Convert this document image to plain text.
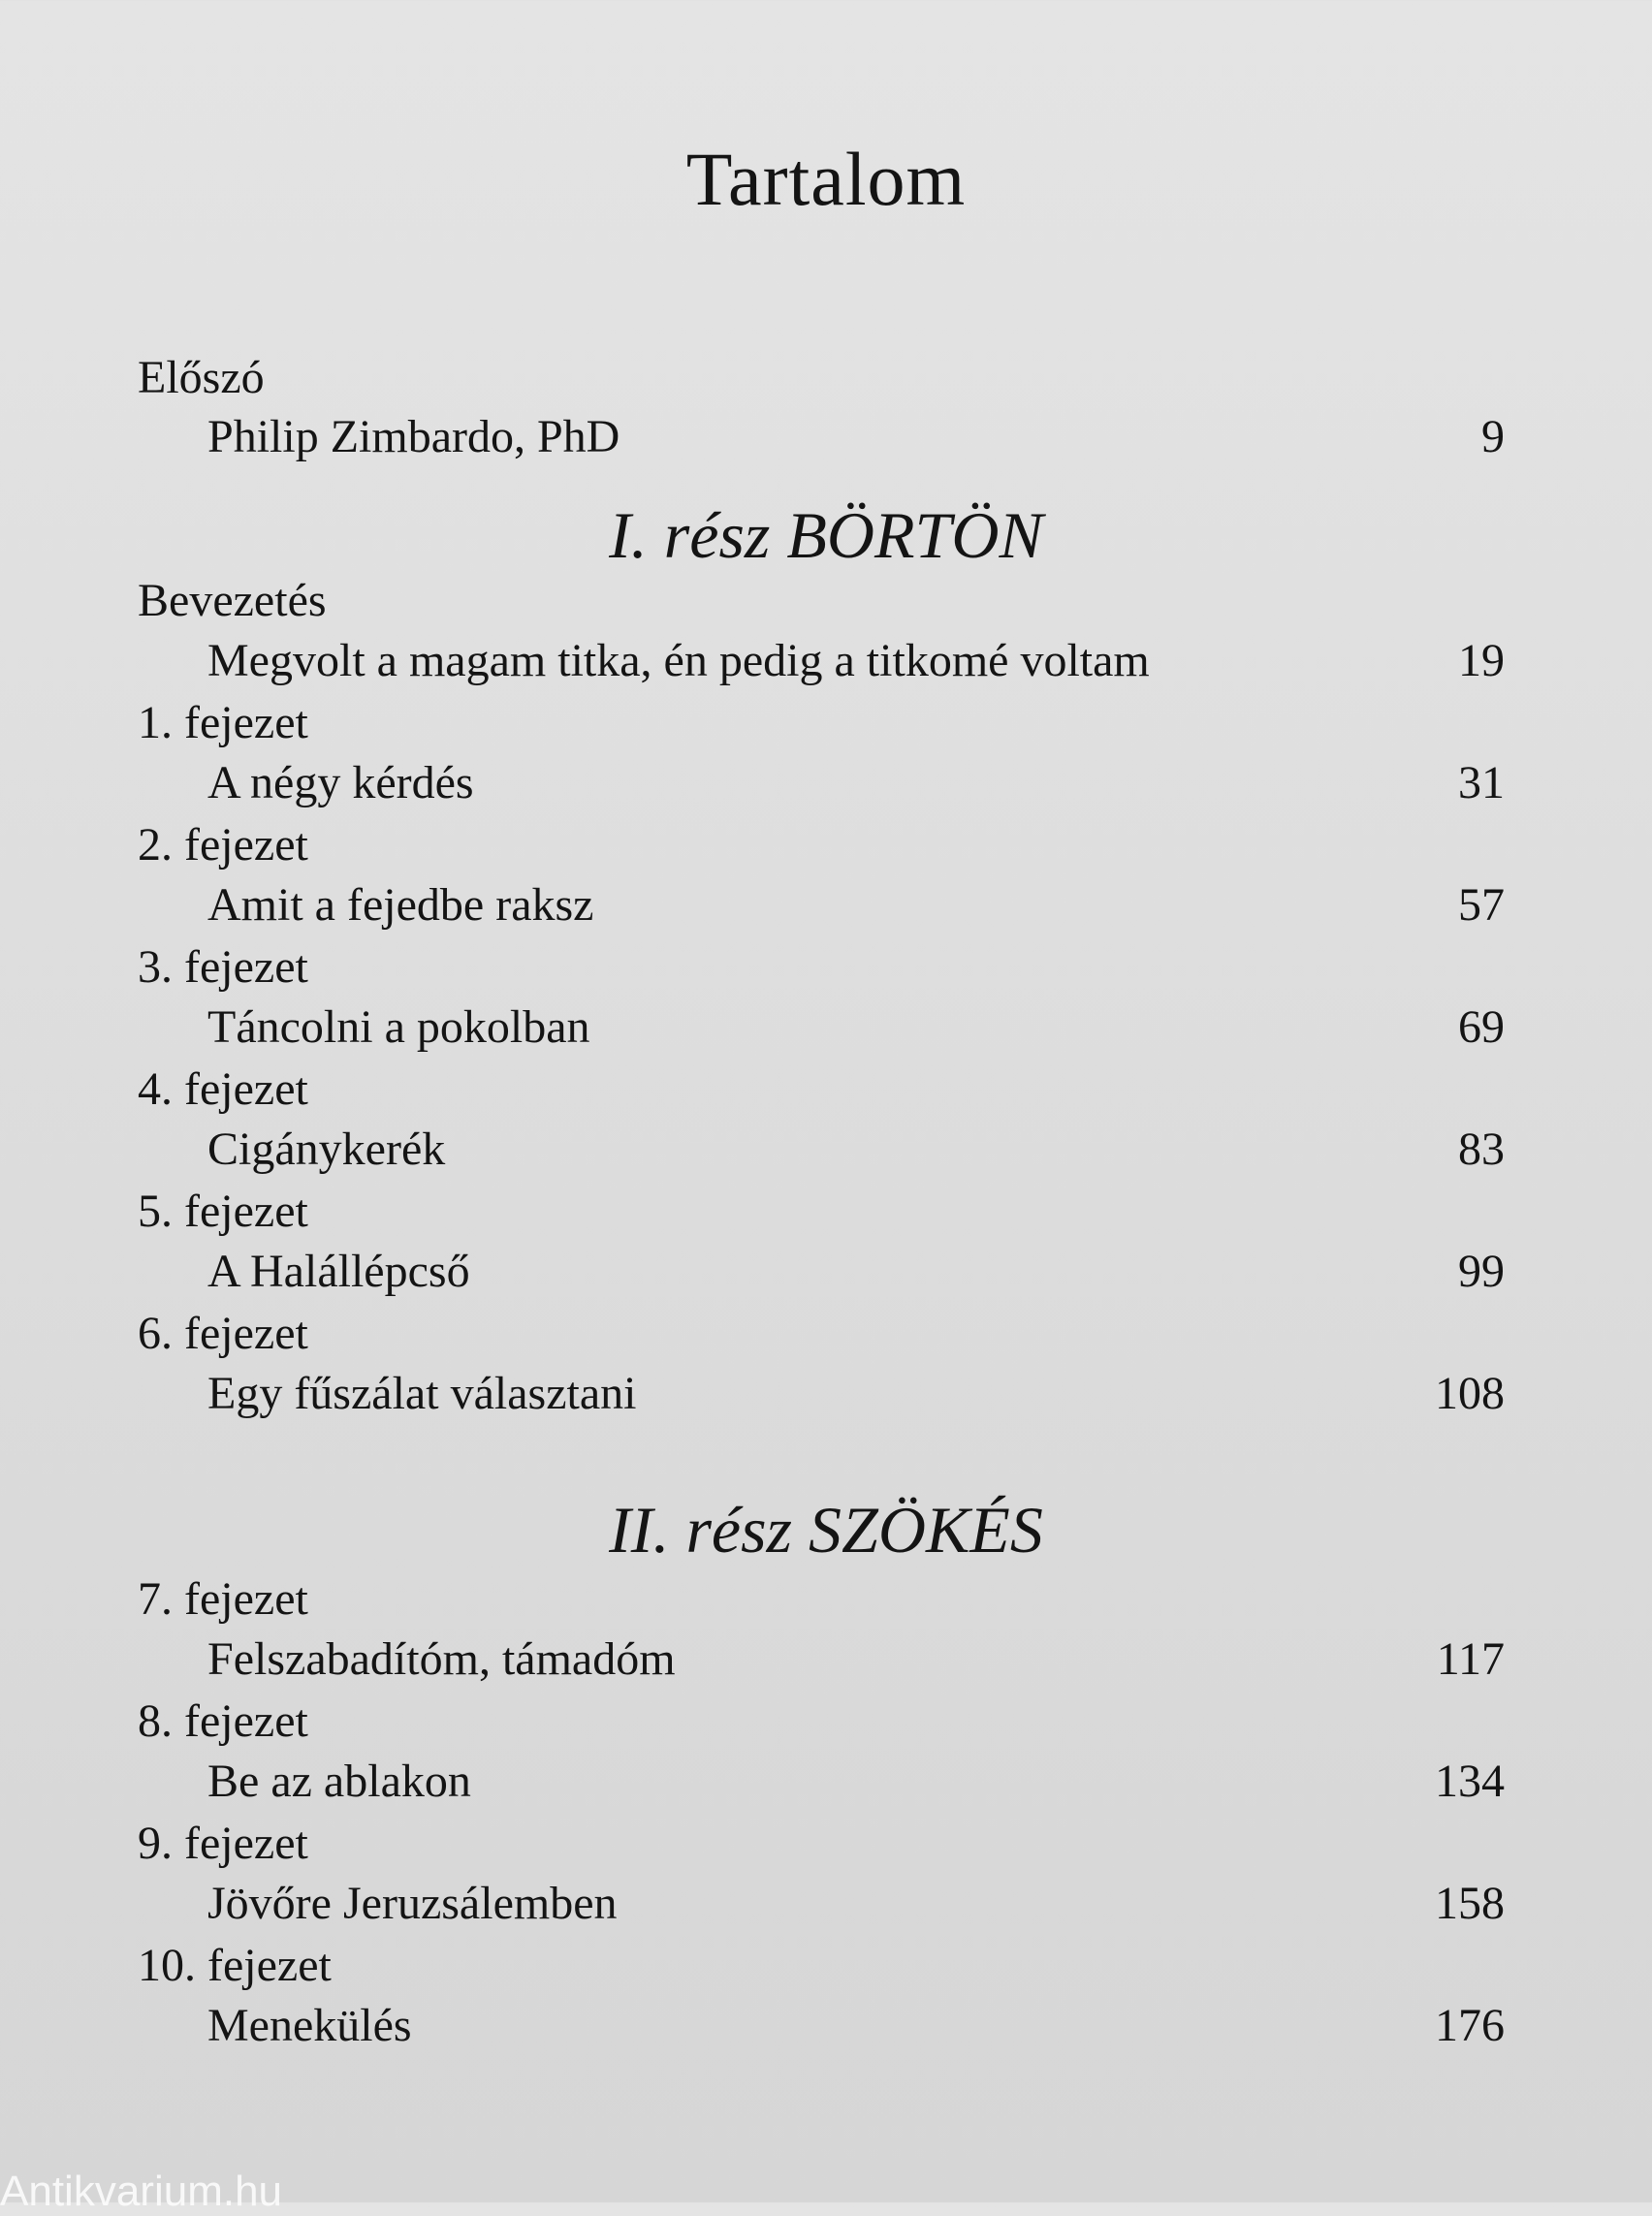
Tartalom
Előszó
Philip Zimbardo, PhD	9
I. rész BÖRTÖN
Bevezetés
Megvolt a magam titka, én pedig a titkomé voltam	19
1. fejezet
A négy kérdés	31
2. fejezet
Amit a fejedbe raksz	57
3. fejezet
Táncolni a pokolban	69
4. fejezet
Cigánykerék	83
5. fejezet
A Halállépcső	99
6. fejezet
Egy fűszálat választani	108
II. rész SZÖKÉS
7. fejezet
Felszabadítóm, támadóm	117
8. fejezet
Be az ablakon	134
9. fejezet
Jövőre Jeruzsálemben	158
10. fejezet
Menekülés	176
Antikvarium.hu
